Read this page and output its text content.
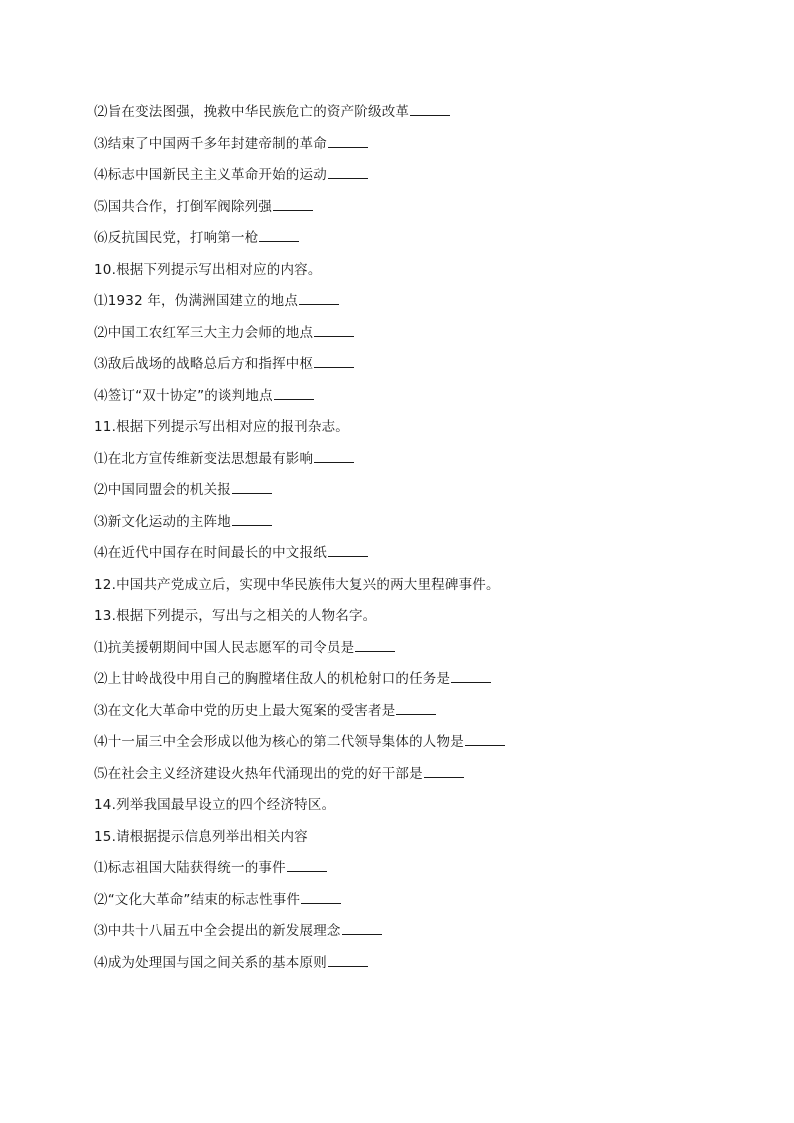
⑵旨在变法图强，挽救中华民族危亡的资产阶级改革
⑶结束了中国两千多年封建帝制的革命
⑷标志中国新民主主义革命开始的运动
⑸国共合作，打倒军阀除列强
⑹反抗国民党，打响第一枪
10.根据下列提示写出相对应的内容。
⑴1932 年，伪满洲国建立的地点
⑵中国工农红军三大主力会师的地点
⑶敌后战场的战略总后方和指挥中枢
⑷签订“双十协定”的谈判地点
11.根据下列提示写出相对应的报刊杂志。
⑴在北方宣传维新变法思想最有影响
⑵中国同盟会的机关报
⑶新文化运动的主阵地
⑷在近代中国存在时间最长的中文报纸
12.中国共产党成立后，实现中华民族伟大复兴的两大里程碑事件。
13.根据下列提示，写出与之相关的人物名字。
⑴抗美援朝期间中国人民志愿军的司令员是
⑵上甘岭战役中用自己的胸膛堵住敌人的机枪射口的任务是
⑶在文化大革命中党的历史上最大冤案的受害者是
⑷十一届三中全会形成以他为核心的第二代领导集体的人物是
⑸在社会主义经济建设火热年代涌现出的党的好干部是
14.列举我国最早设立的四个经济特区。
15.请根据提示信息列举出相关内容
⑴标志祖国大陆获得统一的事件
⑵“文化大革命”结束的标志性事件
⑶中共十八届五中全会提出的新发展理念
⑷成为处理国与国之间关系的基本原则
